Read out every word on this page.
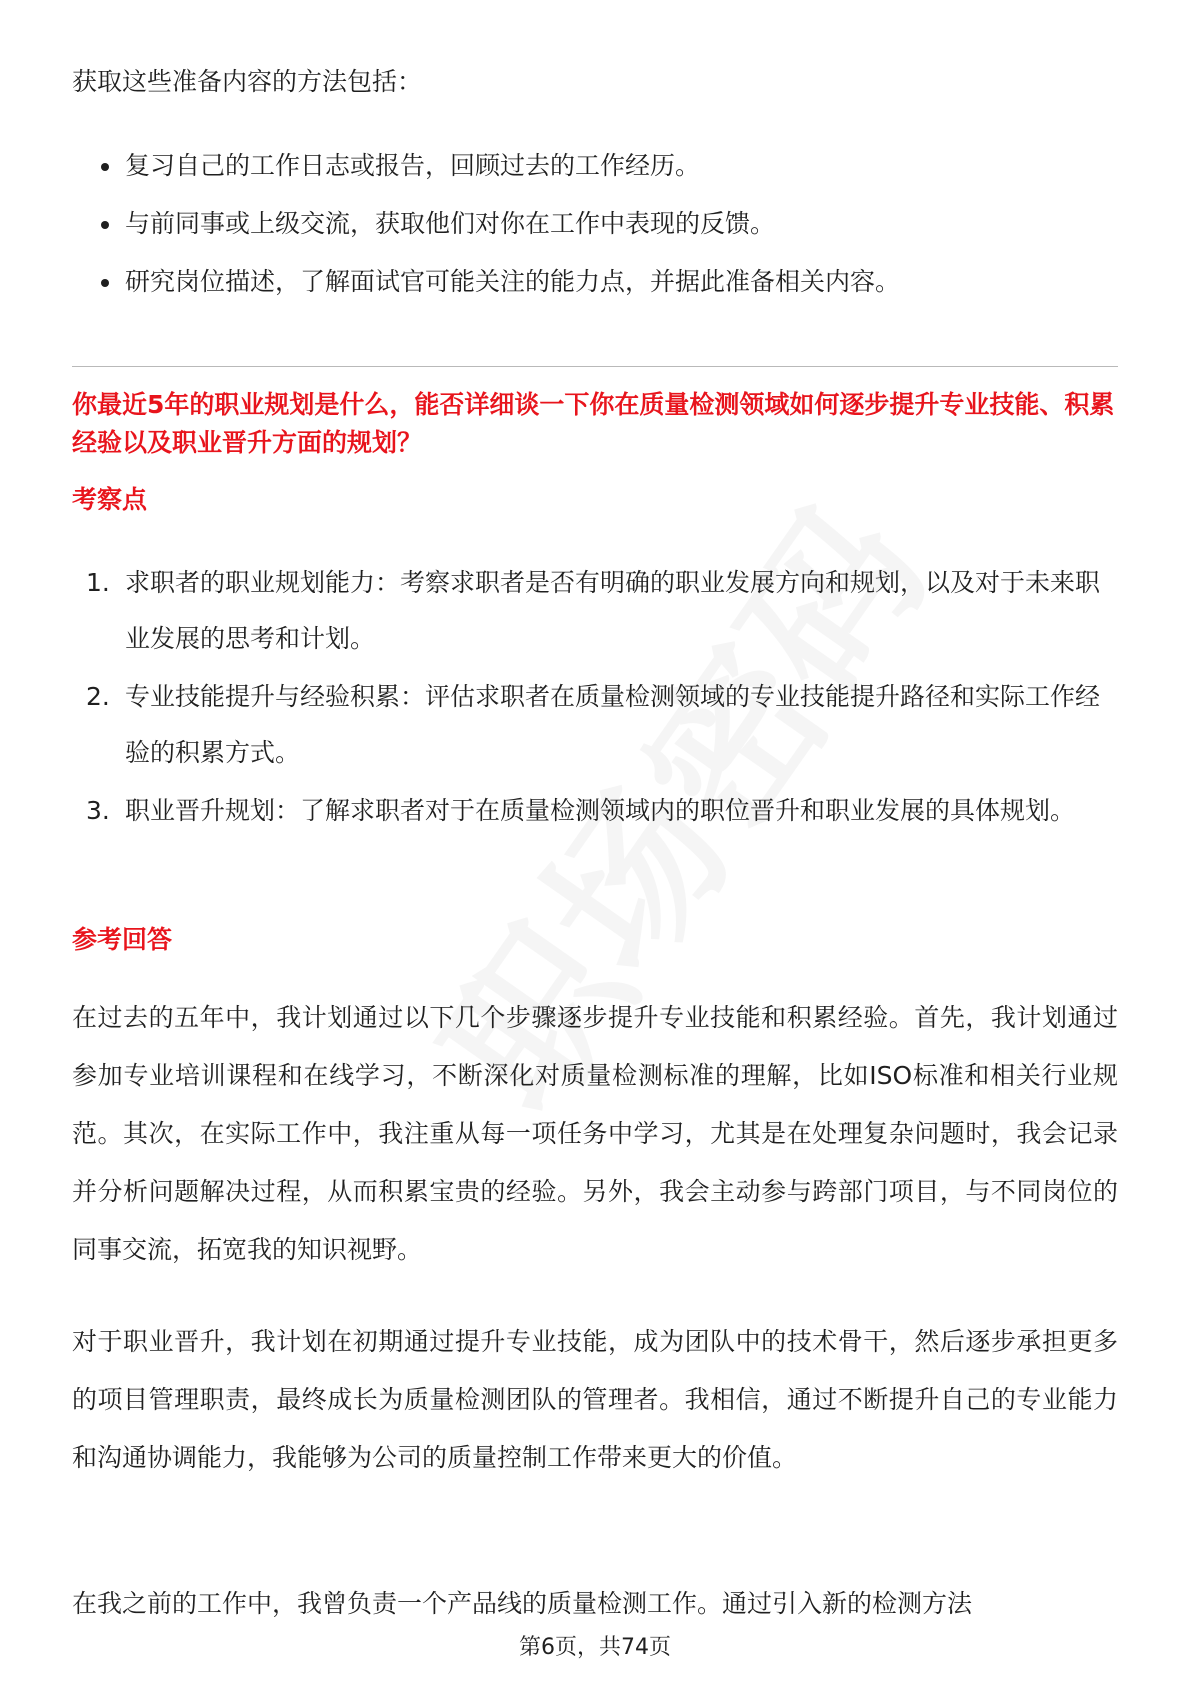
获取这些准备内容的方法包括：

复习自己的工作日志或报告，回顾过去的工作经历。
与前同事或上级交流，获取他们对你在工作中表现的反馈。
研究岗位描述，了解面试官可能关注的能力点，并据此准备相关内容。

你最近5年的职业规划是什么，能否详细谈一下你在质量检测领域如何逐步提升专业技能、积累经验以及职业晋升方面的规划？

考察点
1. 求职者的职业规划能力：考察求职者是否有明确的职业发展方向和规划，以及对于未来职业发展的思考和计划。
2. 专业技能提升与经验积累：评估求职者在质量检测领域的专业技能提升路径和实际工作经验的积累方式。
3. 职业晋升规划：了解求职者对于在质量检测领域内的职位晋升和职业发展的具体规划。
参考回答

在过去的五年中，我计划通过以下几个步骤逐步提升专业技能和积累经验。首先，我计划通过参加专业培训课程和在线学习，不断深化对质量检测标准的理解，比如ISO标准和相关行业规范。其次，在实际工作中，我注重从每一项任务中学习，尤其是在处理复杂问题时，我会记录并分析问题解决过程，从而积累宝贵的经验。另外，我会主动参与跨部门项目，与不同岗位的同事交流，拓宽我的知识视野。

对于职业晋升，我计划在初期通过提升专业技能，成为团队中的技术骨干，然后逐步承担更多的项目管理职责，最终成长为质量检测团队的管理者。我相信，通过不断提升自己的专业能力和沟通协调能力，我能够为公司的质量控制工作带来更大的价值。

在我之前的工作中，我曾负责一个产品线的质量检测工作。通过引入新的检测方法

第6页，共74页
